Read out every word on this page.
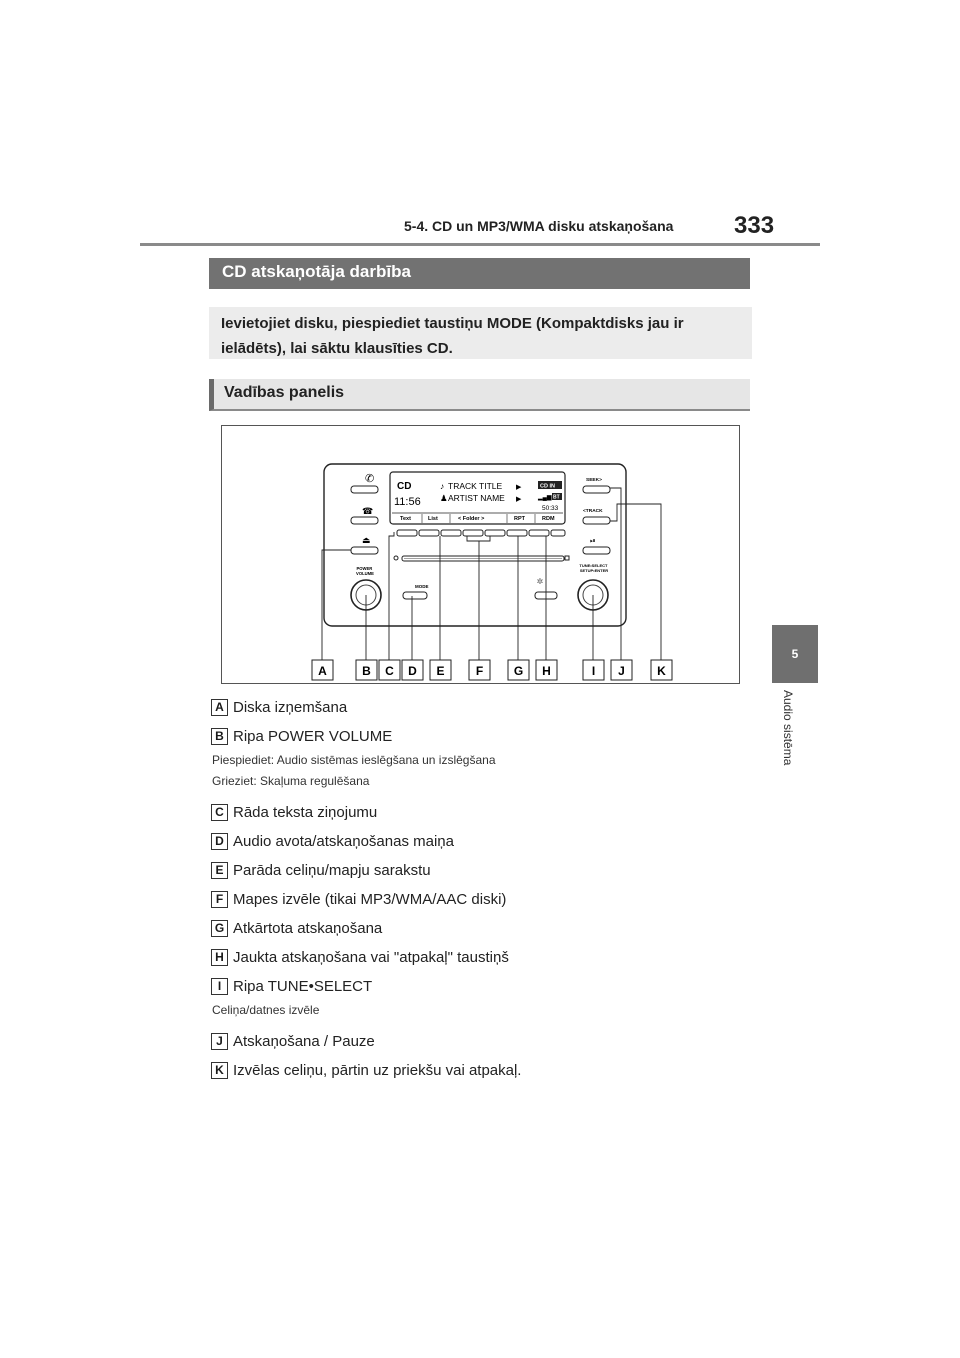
5-4. CD un MP3/WMA disku atskaņošana	333
5
Audio sistēma
CD atskaņotāja darbība
Ievietojiet disku, piespiediet taustiņu MODE (Kompaktdisks jau ir ielādēts), lai sāktu klausīties CD.
Vadības panelis
✆
☎
⏏
POWER VOLUME
CD
11:56
♪ TRACK TITLE
♟ ARTIST NAME
▶
▶
CD IN
▂▄▆ BT
50:33
Text	List	< Folder >	RPT	RDM
MODE
✲
SEEK>
<TRACK
⏯
TUNE•SELECT SETUP•ENTER
A	B C D E	F	G H	I J	K
A Diska izņemšana
B Ripa POWER VOLUME
Piespiediet: Audio sistēmas ieslēgšana un izslēgšana
Grieziet: Skaļuma regulēšana
C Rāda teksta ziņojumu
D Audio avota/atskaņošanas maiņa
E Parāda celiņu/mapju sarakstu
F Mapes izvēle (tikai MP3/WMA/AAC diski)
G Atkārtota atskaņošana
H Jaukta atskaņošana vai "atpakaļ" taustiņš
I Ripa TUNE•SELECT
Celiņa/datnes izvēle
J Atskaņošana / Pauze
K Izvēlas celiņu, pārtin uz priekšu vai atpakaļ.
